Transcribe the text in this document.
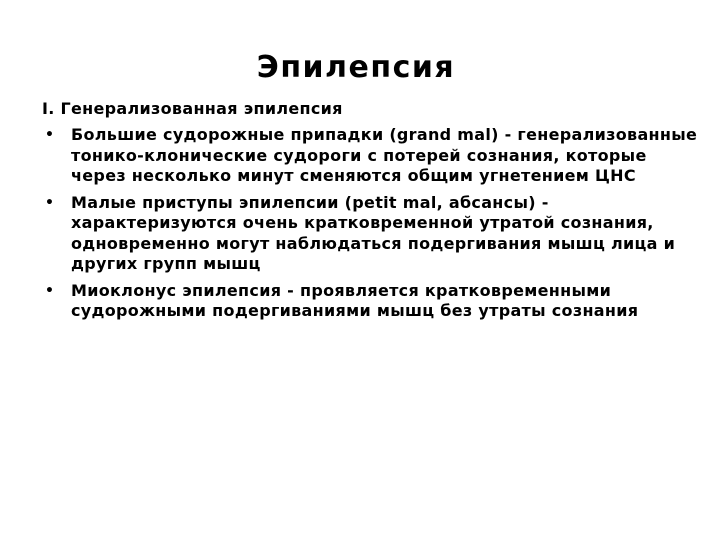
Эпилепсия

I. Генерализованная эпилепсия

• Большие судорожные припадки (grand mal) - генерализованные тонико-клонические судороги с потерей сознания, которые через несколько минут сменяются общим угнетением ЦНС
• Малые приступы эпилепсии (petit mal, абсансы) - характеризуются очень кратковременной утратой сознания, одновременно могут наблюдаться подергивания мышц лица и других групп мышц
• Миоклонус эпилепсия - проявляется кратковременными судорожными подергиваниями мышц без утраты сознания
